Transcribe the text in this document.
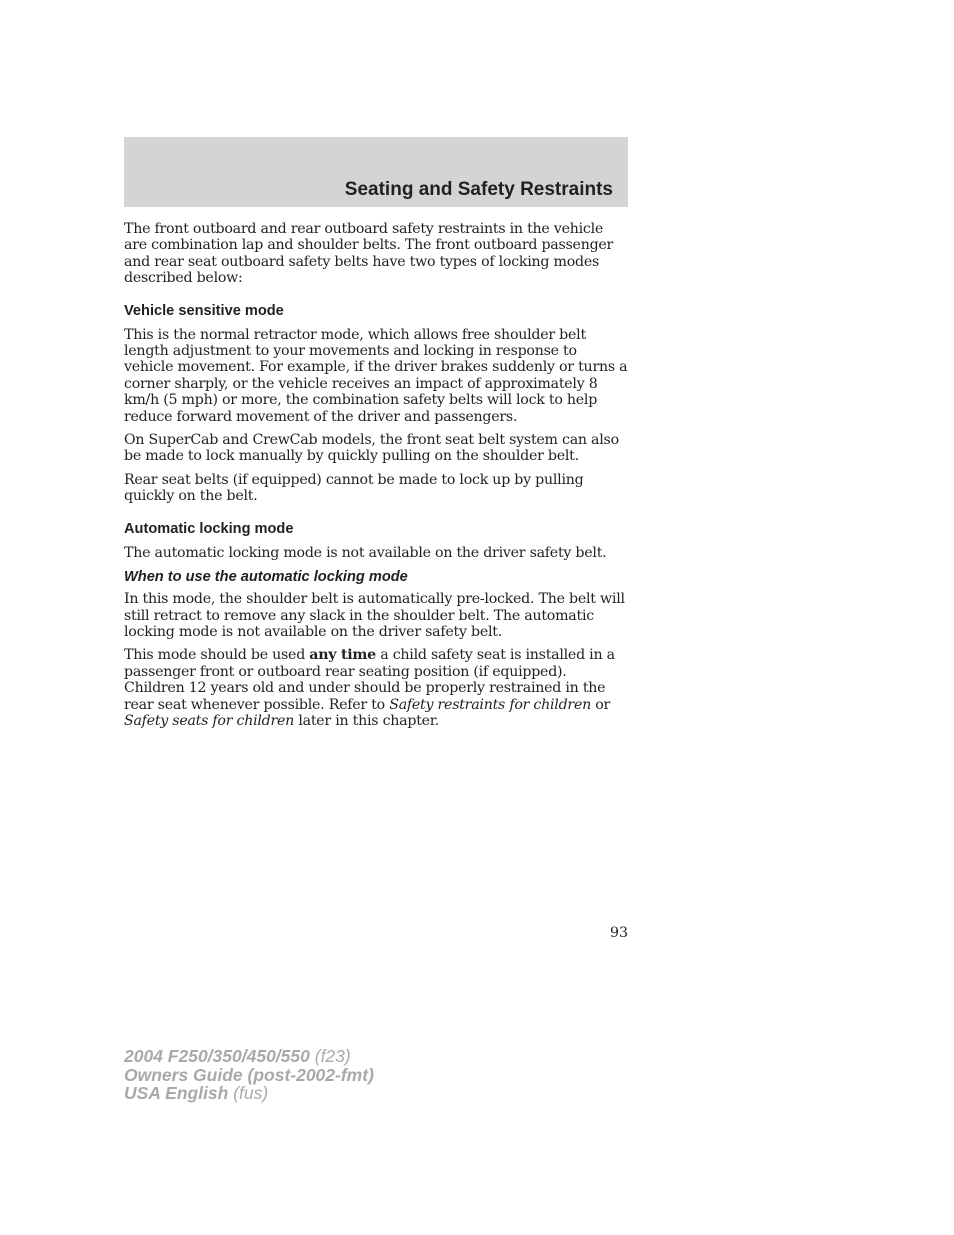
Seating and Safety Restraints

The front outboard and rear outboard safety restraints in the vehicle are combination lap and shoulder belts. The front outboard passenger and rear seat outboard safety belts have two types of locking modes described below:

Vehicle sensitive mode

This is the normal retractor mode, which allows free shoulder belt length adjustment to your movements and locking in response to vehicle movement. For example, if the driver brakes suddenly or turns a corner sharply, or the vehicle receives an impact of approximately 8 km/h (5 mph) or more, the combination safety belts will lock to help reduce forward movement of the driver and passengers.

On SuperCab and CrewCab models, the front seat belt system can also be made to lock manually by quickly pulling on the shoulder belt.

Rear seat belts (if equipped) cannot be made to lock up by pulling quickly on the belt.

Automatic locking mode

The automatic locking mode is not available on the driver safety belt.

When to use the automatic locking mode

In this mode, the shoulder belt is automatically pre-locked. The belt will still retract to remove any slack in the shoulder belt. The automatic locking mode is not available on the driver safety belt.

This mode should be used any time a child safety seat is installed in a passenger front or outboard rear seating position (if equipped). Children 12 years old and under should be properly restrained in the rear seat whenever possible. Refer to Safety restraints for children or Safety seats for children later in this chapter.

93
2004 F250/350/450/550 (f23)
Owners Guide (post-2002-fmt)
USA English (fus)
